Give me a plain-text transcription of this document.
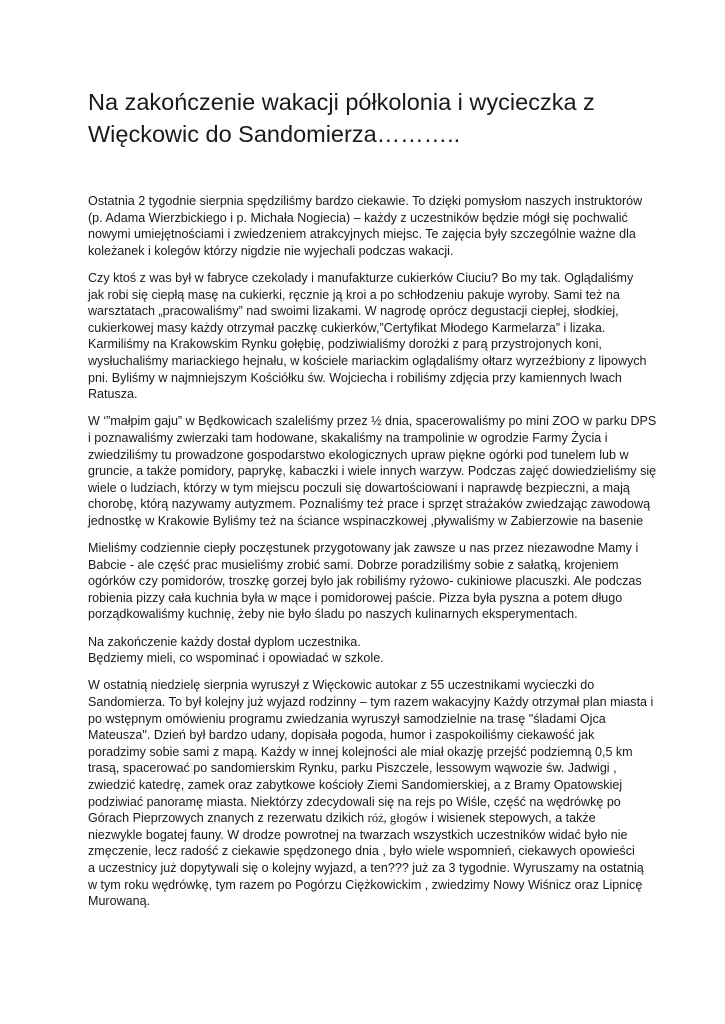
Na zakończenie wakacji półkolonia i wycieczka z
Więckowic do Sandomierza………..

Ostatnia 2 tygodnie sierpnia spędziliśmy bardzo ciekawie. To dzięki pomysłom naszych instruktorów
(p. Adama Wierzbickiego i p. Michała Nogiecia) – każdy z uczestników będzie mógł się pochwalić
nowymi umiejętnościami i zwiedzeniem atrakcyjnych miejsc. Te zajęcia były szczególnie ważne dla
koleżanek i kolegów którzy nigdzie nie wyjechali podczas wakacji.

Czy ktoś z was był w fabryce czekolady i manufakturze cukierków Ciuciu? Bo my tak. Oglądaliśmy
jak robi się ciepłą masę na cukierki, ręcznie ją kroi a po schłodzeniu pakuje wyroby. Sami też na
warsztatach „pracowaliśmy” nad swoimi lizakami. W nagrodę oprócz degustacji ciepłej, słodkiej,
cukierkowej masy każdy otrzymał paczkę cukierków,”Certyfikat Młodego Karmelarza” i lizaka.
Karmiliśmy na Krakowskim Rynku gołębię, podziwialiśmy dorożki z parą przystrojonych koni,
wysłuchaliśmy mariackiego hejnału, w kościele mariackim oglądaliśmy ołtarz wyrzeźbiony z lipowych
pni. Byliśmy w najmniejszym Kościółku św. Wojciecha i robiliśmy zdjęcia przy kamiennych lwach
Ratusza.

W ‘”małpim gaju” w Będkowicach szaleliśmy przez ½ dnia, spacerowaliśmy po mini ZOO w parku DPS
i poznawaliśmy zwierzaki tam hodowane, skakaliśmy na trampolinie w ogrodzie Farmy Życia i
zwiedziliśmy tu prowadzone gospodarstwo ekologicznych upraw piękne ogórki pod tunelem lub w
gruncie, a także pomidory, paprykę, kabaczki i wiele innych warzyw. Podczas zajęć dowiedzieliśmy się
wiele o ludziach, którzy w tym miejscu poczuli się dowartościowani i naprawdę bezpieczni, a mają
chorobę, którą nazywamy autyzmem. Poznaliśmy też prace i sprzęt strażaków zwiedzając zawodową
jednostkę w Krakowie Byliśmy też na ściance wspinaczkowej ,pływaliśmy w Zabierzowie na basenie

Mieliśmy codziennie ciepły poczęstunek przygotowany jak zawsze u nas przez niezawodne Mamy i
Babcie - ale część prac musieliśmy zrobić sami. Dobrze poradziliśmy sobie z sałatką, krojeniem
ogórków czy pomidorów, troszkę gorzej było jak robiliśmy ryżowo- cukiniowe placuszki. Ale podczas
robienia pizzy cała kuchnia była w mące i pomidorowej paście. Pizza była pyszna a potem długo
porządkowaliśmy kuchnię, żeby nie było śladu po naszych kulinarnych eksperymentach.

Na zakończenie każdy dostał dyplom uczestnika.
Będziemy mieli, co wspominać i opowiadać w szkole.

W ostatnią niedzielę sierpnia wyruszył z Więckowic autokar z 55 uczestnikami wycieczki do
Sandomierza. To był kolejny już wyjazd rodzinny – tym razem wakacyjny Każdy otrzymał plan miasta i
po wstępnym omówieniu programu zwiedzania wyruszył samodzielnie na trasę "śladami Ojca
Mateusza". Dzień był bardzo udany, dopisała pogoda, humor i zaspokoiliśmy ciekawość jak
poradzimy sobie sami z mapą. Każdy w innej kolejności ale miał okazję przejść podziemną 0,5 km
trasą, spacerować po sandomierskim Rynku, parku Piszczele, lessowym wąwozie św. Jadwigi ,
zwiedzić katedrę, zamek oraz zabytkowe kościoły Ziemi Sandomierskiej, a z Bramy Opatowskiej
podziwiać panoramę miasta. Niektórzy zdecydowali się na rejs po Wiśle, część na wędrówkę po
Górach Pieprzowych znanych z rezerwatu dzikich róż, głogów i wisienek stepowych, a także
niezwykle bogatej fauny. W drodze powrotnej na twarzach wszystkich uczestników widać było nie
zmęczenie, lecz radość z ciekawie spędzonego dnia , było wiele wspomnień, ciekawych opowieści
a uczestnicy już dopytywali się o kolejny wyjazd, a ten??? już za 3 tygodnie. Wyruszamy na ostatnią
w tym roku wędrówkę, tym razem po Pogórzu Ciężkowickim , zwiedzimy Nowy Wiśnicz oraz Lipnicę
Murowaną.
